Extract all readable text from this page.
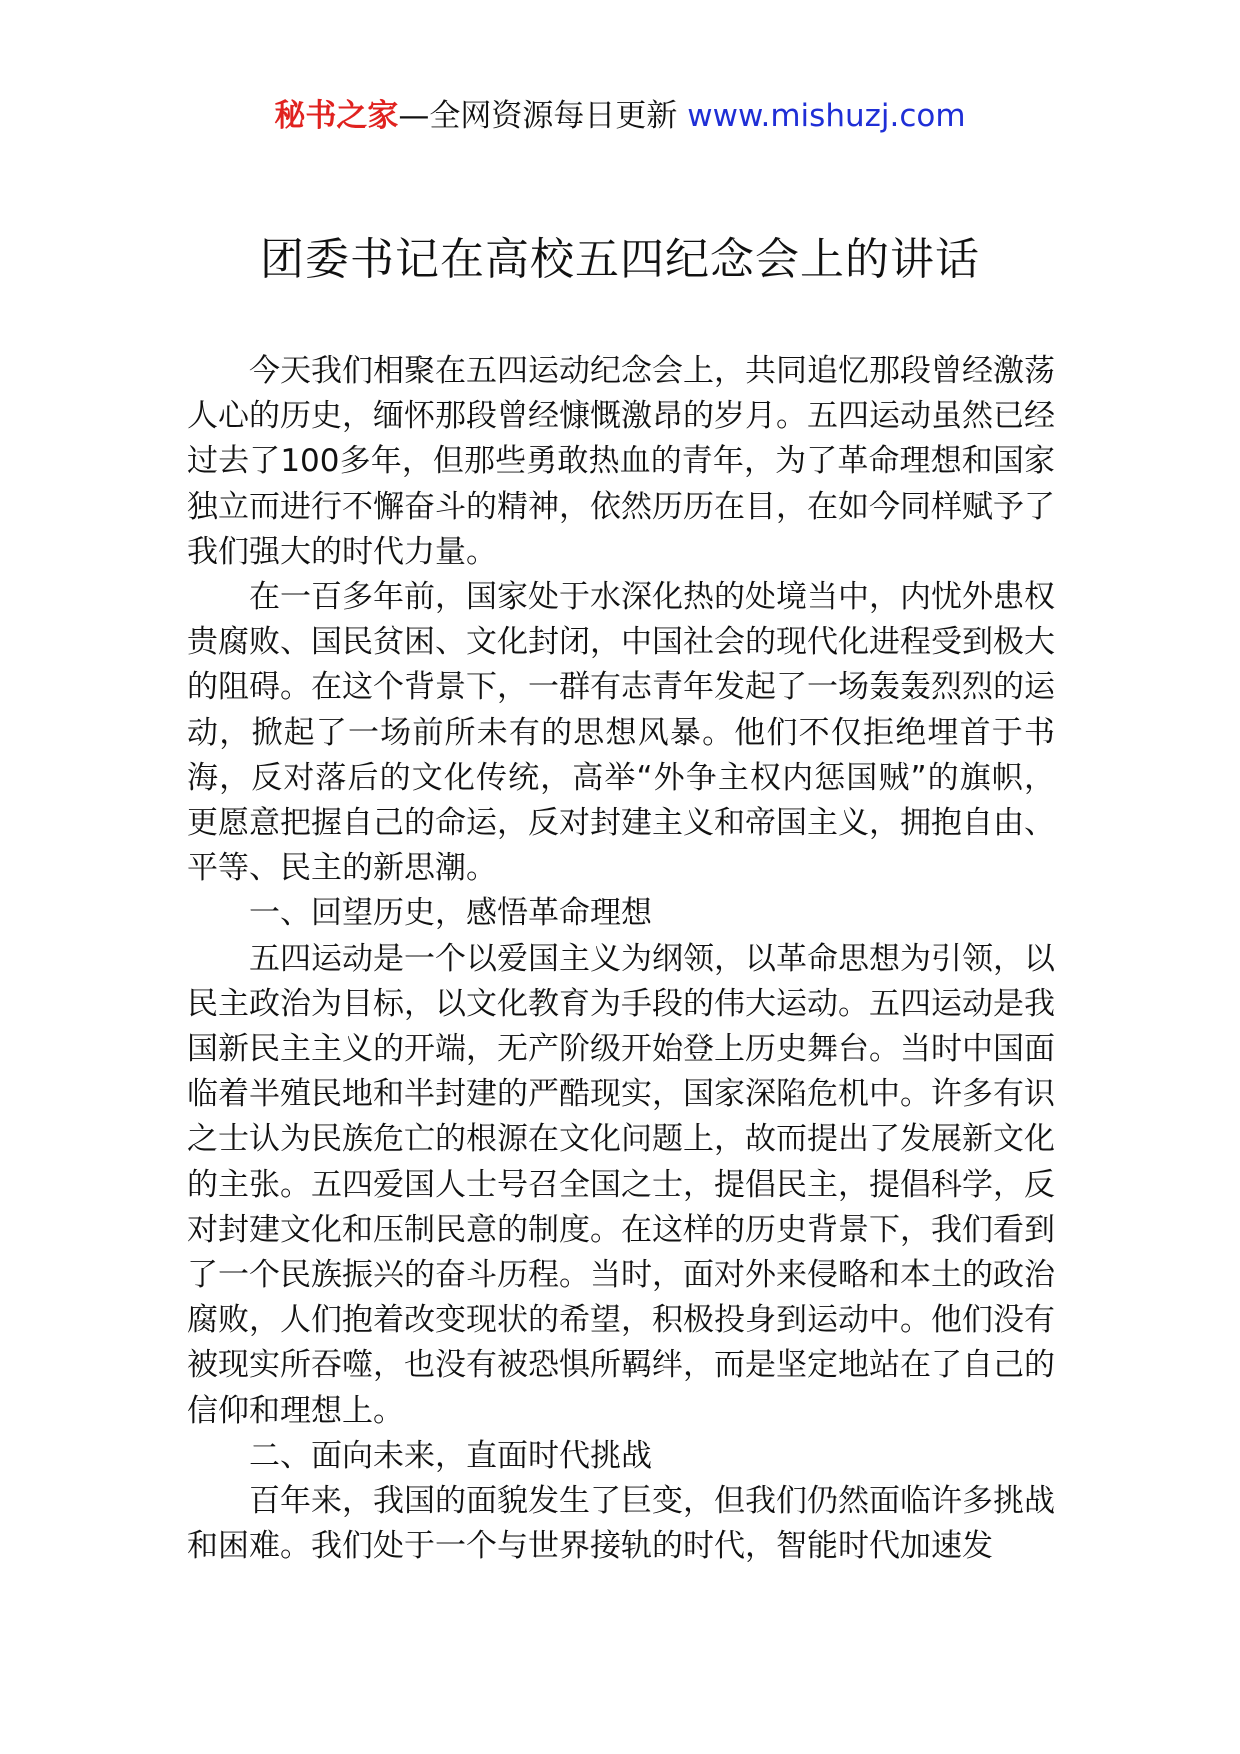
秘书之家—全网资源每日更新 www.mishuzj.com
团委书记在高校五四纪念会上的讲话

今天我们相聚在五四运动纪念会上，共同追忆那段曾经激荡人心的历史，缅怀那段曾经慷慨激昂的岁月。五四运动虽然已经过去了100多年，但那些勇敢热血的青年，为了革命理想和国家独立而进行不懈奋斗的精神，依然历历在目，在如今同样赋予了我们强大的时代力量。

在一百多年前，国家处于水深化热的处境当中，内忧外患权贵腐败、国民贫困、文化封闭，中国社会的现代化进程受到极大的阻碍。在这个背景下，一群有志青年发起了一场轰轰烈烈的运动，掀起了一场前所未有的思想风暴。他们不仅拒绝埋首于书海，反对落后的文化传统，高举“外争主权内惩国贼”的旗帜，更愿意把握自己的命运，反对封建主义和帝国主义，拥抱自由、平等、民主的新思潮。

一、回望历史，感悟革命理想

五四运动是一个以爱国主义为纲领，以革命思想为引领，以民主政治为目标，以文化教育为手段的伟大运动。五四运动是我国新民主主义的开端，无产阶级开始登上历史舞台。当时中国面临着半殖民地和半封建的严酷现实，国家深陷危机中。许多有识之士认为民族危亡的根源在文化问题上，故而提出了发展新文化的主张。五四爱国人士号召全国之士，提倡民主，提倡科学，反对封建文化和压制民意的制度。在这样的历史背景下，我们看到了一个民族振兴的奋斗历程。当时，面对外来侵略和本土的政治腐败，人们抱着改变现状的希望，积极投身到运动中。他们没有被现实所吞噬，也没有被恐惧所羁绊，而是坚定地站在了自己的信仰和理想上。

二、面向未来，直面时代挑战

百年来，我国的面貌发生了巨变，但我们仍然面临许多挑战和困难。我们处于一个与世界接轨的时代，智能时代加速发
